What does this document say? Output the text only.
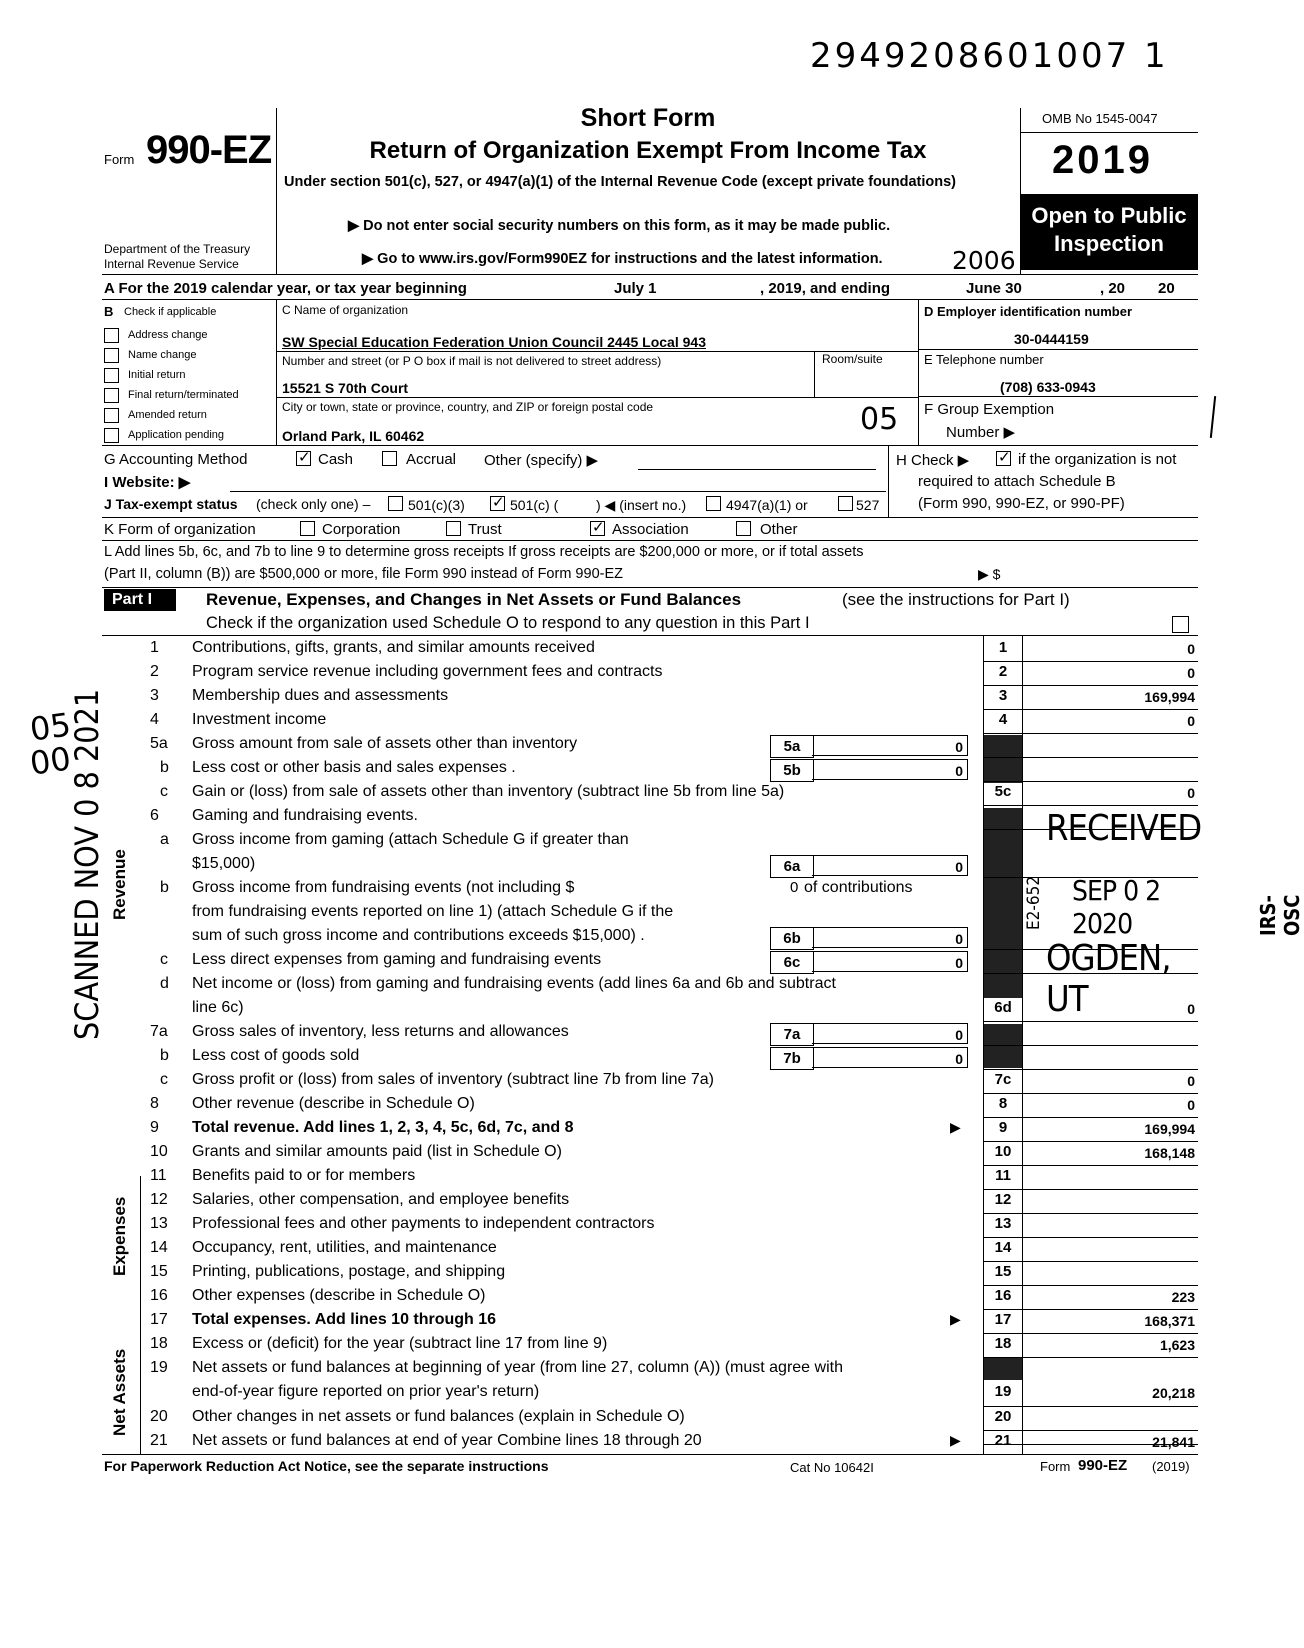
2949208601007 1
Form 990-EZ
Department of the Treasury
Internal Revenue Service
Short Form
Return of Organization Exempt From Income Tax
Under section 501(c), 527, or 4947(a)(1) of the Internal Revenue Code (except private foundations)
▶ Do not enter social security numbers on this form, as it may be made public.
▶ Go to www.irs.gov/Form990EZ for instructions and the latest information.	2006
OMB No 1545-0047
2019
Open to Public Inspection
A For the 2019 calendar year, or tax year beginning	July 1	, 2019, and ending	June 30	, 20 20
B Check if applicable
Address change
Name change
Initial return
Final return/terminated
Amended return
Application pending
C Name of organization
SW Special Education Federation Union Council 2445 Local 943
Number and street (or P O box if mail is not delivered to street address)	Room/suite
15521 S 70th Court
City or town, state or province, country, and ZIP or foreign postal code
Orland Park, IL 60462	05
D Employer identification number
30-0444159
E Telephone number
(708) 633-0943
F Group Exemption
Number ▶
G Accounting Method ✓	Cash	Accrual Other (specify) ▶	H Check ▶ ✓	if the organization is not
required to attach Schedule B
(Form 990, 990-EZ, or 990-PF)
I Website: ▶
J Tax-exempt status (check only one) –	501(c)(3) ✓	501(c) (	) ◀ (insert no.)	4947(a)(1) or	527
K Form of organization	Corporation	Trust ✓	Association	Other
L Add lines 5b, 6c, and 7b to line 9 to determine gross receipts If gross receipts are $200,000 or more, or if total assets
(Part II, column (B)) are $500,000 or more, file Form 990 instead of Form 990-EZ	▶ $
Part I	Revenue, Expenses, and Changes in Net Assets or Fund Balances	(see the instructions for Part I)
Check if the organization used Schedule O to respond to any question in this Part I
Revenue
Expenses
Net Assets
1 Contributions, gifts, grants, and similar amounts received	1	0
2 Program service revenue including government fees and contracts	2	0
3 Membership dues and assessments	3	169,994
4 Investment income	4	0
5a Gross amount from sale of assets other than inventory	5a	0
b Less cost or other basis and sales expenses .	5b	0
c Gain or (loss) from sale of assets other than inventory (subtract line 5b from line 5a)	5c	0
6 Gaming and fundraising events.
a Gross income from gaming (attach Schedule G if greater than
$15,000)	6a	0
b Gross income from fundraising events (not including $	0 of contributions
from fundraising events reported on line 1) (attach Schedule G if the
sum of such gross income and contributions exceeds $15,000) .	6b	0
c Less direct expenses from gaming and fundraising events	6c	0
d Net income or (loss) from gaming and fundraising events (add lines 6a and 6b and subtract
line 6c)	6d	0
7a Gross sales of inventory, less returns and allowances	7a	0
b Less cost of goods sold	7b	0
c Gross profit or (loss) from sales of inventory (subtract line 7b from line 7a)	7c	0
8 Other revenue (describe in Schedule O)	8	0
9 Total revenue. Add lines 1, 2, 3, 4, 5c, 6d, 7c, and 8	9	169,994
▶
10 Grants and similar amounts paid (list in Schedule O)	10	168,148
11 Benefits paid to or for members	11
12 Salaries, other compensation, and employee benefits	12
13 Professional fees and other payments to independent contractors	13
14 Occupancy, rent, utilities, and maintenance	14
15 Printing, publications, postage, and shipping	15
16 Other expenses (describe in Schedule O)	16	223
17 Total expenses. Add lines 10 through 16	17	168,371
▶
18 Excess or (deficit) for the year (subtract line 17 from line 9)	18	1,623
19 Net assets or fund balances at beginning of year (from line 27, column (A)) (must agree with
end-of-year figure reported on prior year's return)	19	20,218
20 Other changes in net assets or fund balances (explain in Schedule O)	20
21 Net assets or fund balances at end of year Combine lines 18 through 20	21	21,841
▶
RECEIVED
SEP 0 2 2020
OGDEN, UT
E2-652	IRS-OSC
SCANNED NOV 0 8 2021
05
00
For Paperwork Reduction Act Notice, see the separate instructions	Cat No 10642I	Form 990-EZ (2019)
